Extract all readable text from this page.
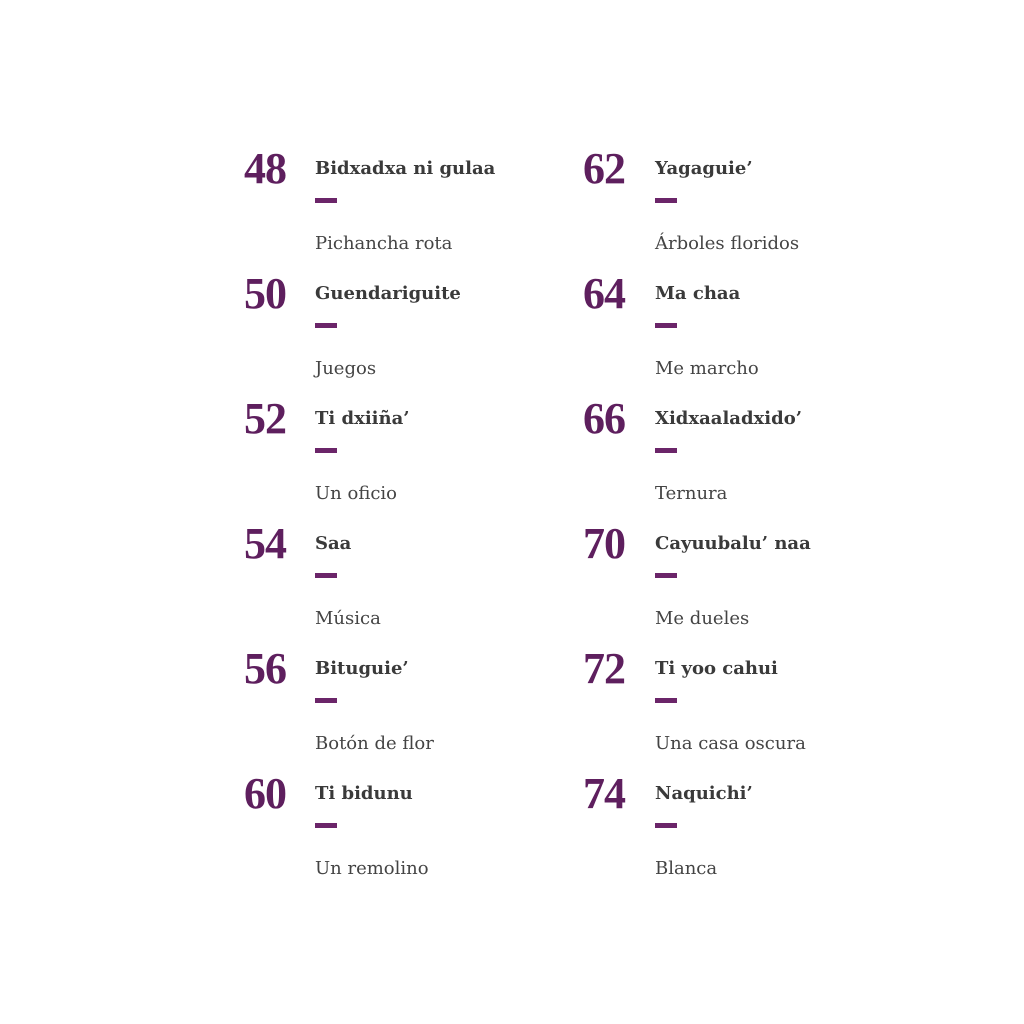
48 Bidxadxa ni gulaa
Pichancha rota
50 Guendariguite
Juegos
52 Ti dxiiña’
Un oficio
54 Saa
Música
56 Bituguie’
Botón de flor
60 Ti bidunu
Un remolino
62 Yagaguie’
Árboles floridos
64 Ma chaa
Me marcho
66 Xidxaaladxido’
Ternura
70 Cayuubalu’ naa
Me dueles
72 Ti yoo cahui
Una casa oscura
74 Naquichi’
Blanca
